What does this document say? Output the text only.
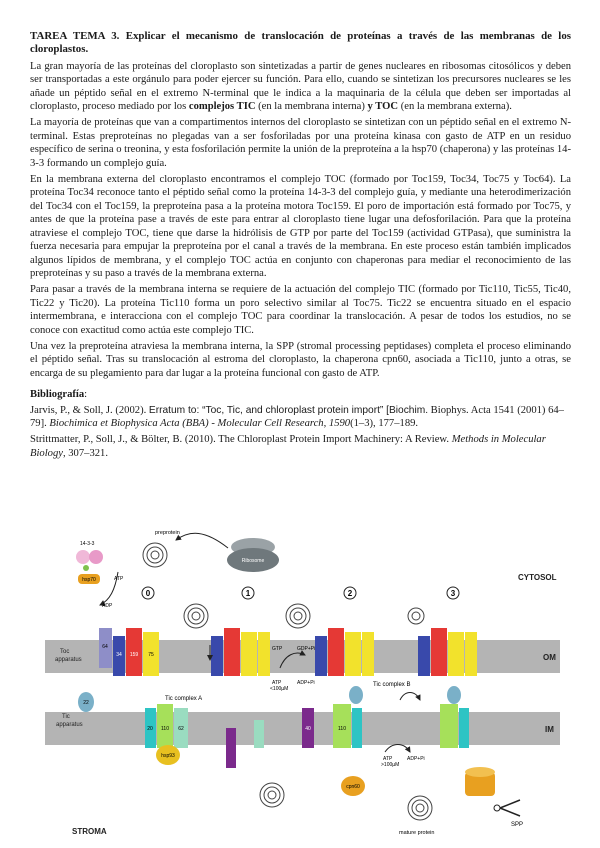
TAREA TEMA 3. Explicar el mecanismo de translocación de proteínas a través de las membranas de los cloroplastos.
La gran mayoría de las proteínas del cloroplasto son sintetizadas a partir de genes nucleares en ribosomas citosólicos y deben ser transportadas a este orgánulo para poder ejercer su función. Para ello, cuando se sintetizan los precursores nucleares se les añade un péptido señal en el extremo N-terminal que le indica a la maquinaria de la célula que deben ser importadas al cloroplasto, proceso mediado por los complejos TIC (en la membrana interna) y TOC (en la membrana externa).
La mayoría de proteínas que van a compartimentos internos del cloroplasto se sintetizan con un péptido señal en el extremo N-terminal. Estas preproteínas no plegadas van a ser fosforiladas por una proteína kinasa con gasto de ATP en un residuo específico de serina o treonina, y esta fosforilación permite la unión de la preproteína a la hsp70 (chaperona) y las proteínas 14-3-3 formando un complejo guía.
En la membrana externa del cloroplasto encontramos el complejo TOC (formado por Toc159, Toc34, Toc75 y Toc64). La proteína Toc34 reconoce tanto el péptido señal como la proteína 14-3-3 del complejo guía, y mediante una heterodimerización del Toc34 con el Toc159, la preproteína pasa a la proteína motora Toc159. El poro de importación está formado por Toc75, y antes de que la proteína pase a través de este para entrar al cloroplasto tiene lugar una defosforilación. Para que la proteína atraviese el complejo TOC, tiene que darse la hidrólisis de GTP por parte del Toc159 (actividad GTPasa), que suministra la fuerza necesaria para empujar la preproteína por el canal a través de la membrana. En este proceso están también implicados algunos lípidos de membrana, y el complejo TOC actúa en conjunto con chaperonas para mediar el reconocimiento de las preproteínas y su paso a través de la membrana externa.
Para pasar a través de la membrana interna se requiere de la actuación del complejo TIC (formado por Tic110, Tic55, Tic40, Tic22 y Tic20). La proteína Tic110 forma un poro selectivo similar al Toc75. Tic22 se encuentra situado en el espacio intermembrana, e interacciona con el complejo TOC para coordinar la translocación. A pesar de todos los estudios, no se conoce con exactitud como actúa este complejo TIC.
Una vez la preproteína atraviesa la membrana interna, la SPP (stromal processing peptidases) completa el proceso eliminando el péptido señal. Tras su translocación al estroma del cloroplasto, la chaperona cpn60, asociada a Tic110, junto a otras, se encarga de su plegamiento para dar lugar a la proteína funcional con gasto de ATP.
Bibliografía:
Jarvis, P., & Soll, J. (2002). Erratum to: “Toc, Tic, and chloroplast protein import” [Biochim. Biophys. Acta 1541 (2001) 64–79]. Biochimica et Biophysica Acta (BBA) - Molecular Cell Research, 1590(1–3), 177–189.
Strittmatter, P., Soll, J., & Bölter, B. (2010). The Chloroplast Protein Import Machinery: A Review. Methods in Molecular Biology, 307–321.
CYTOSOL
STROMA
OM
IM
Toc
apparatus
Tic
apparatus
0	1	2	3
Ribosome
preprotein
14-3-3
hsp70	ATP
ADP
34 159 75
64	GTP	GDP+Pi
ATP
<100µM
ADP+Pi
Tic complex A
Tic complex B
20 110 62
hsp93
22
40	110
cpn60
ATP
>100µM
ADP+Pi
mature protein
SPP
